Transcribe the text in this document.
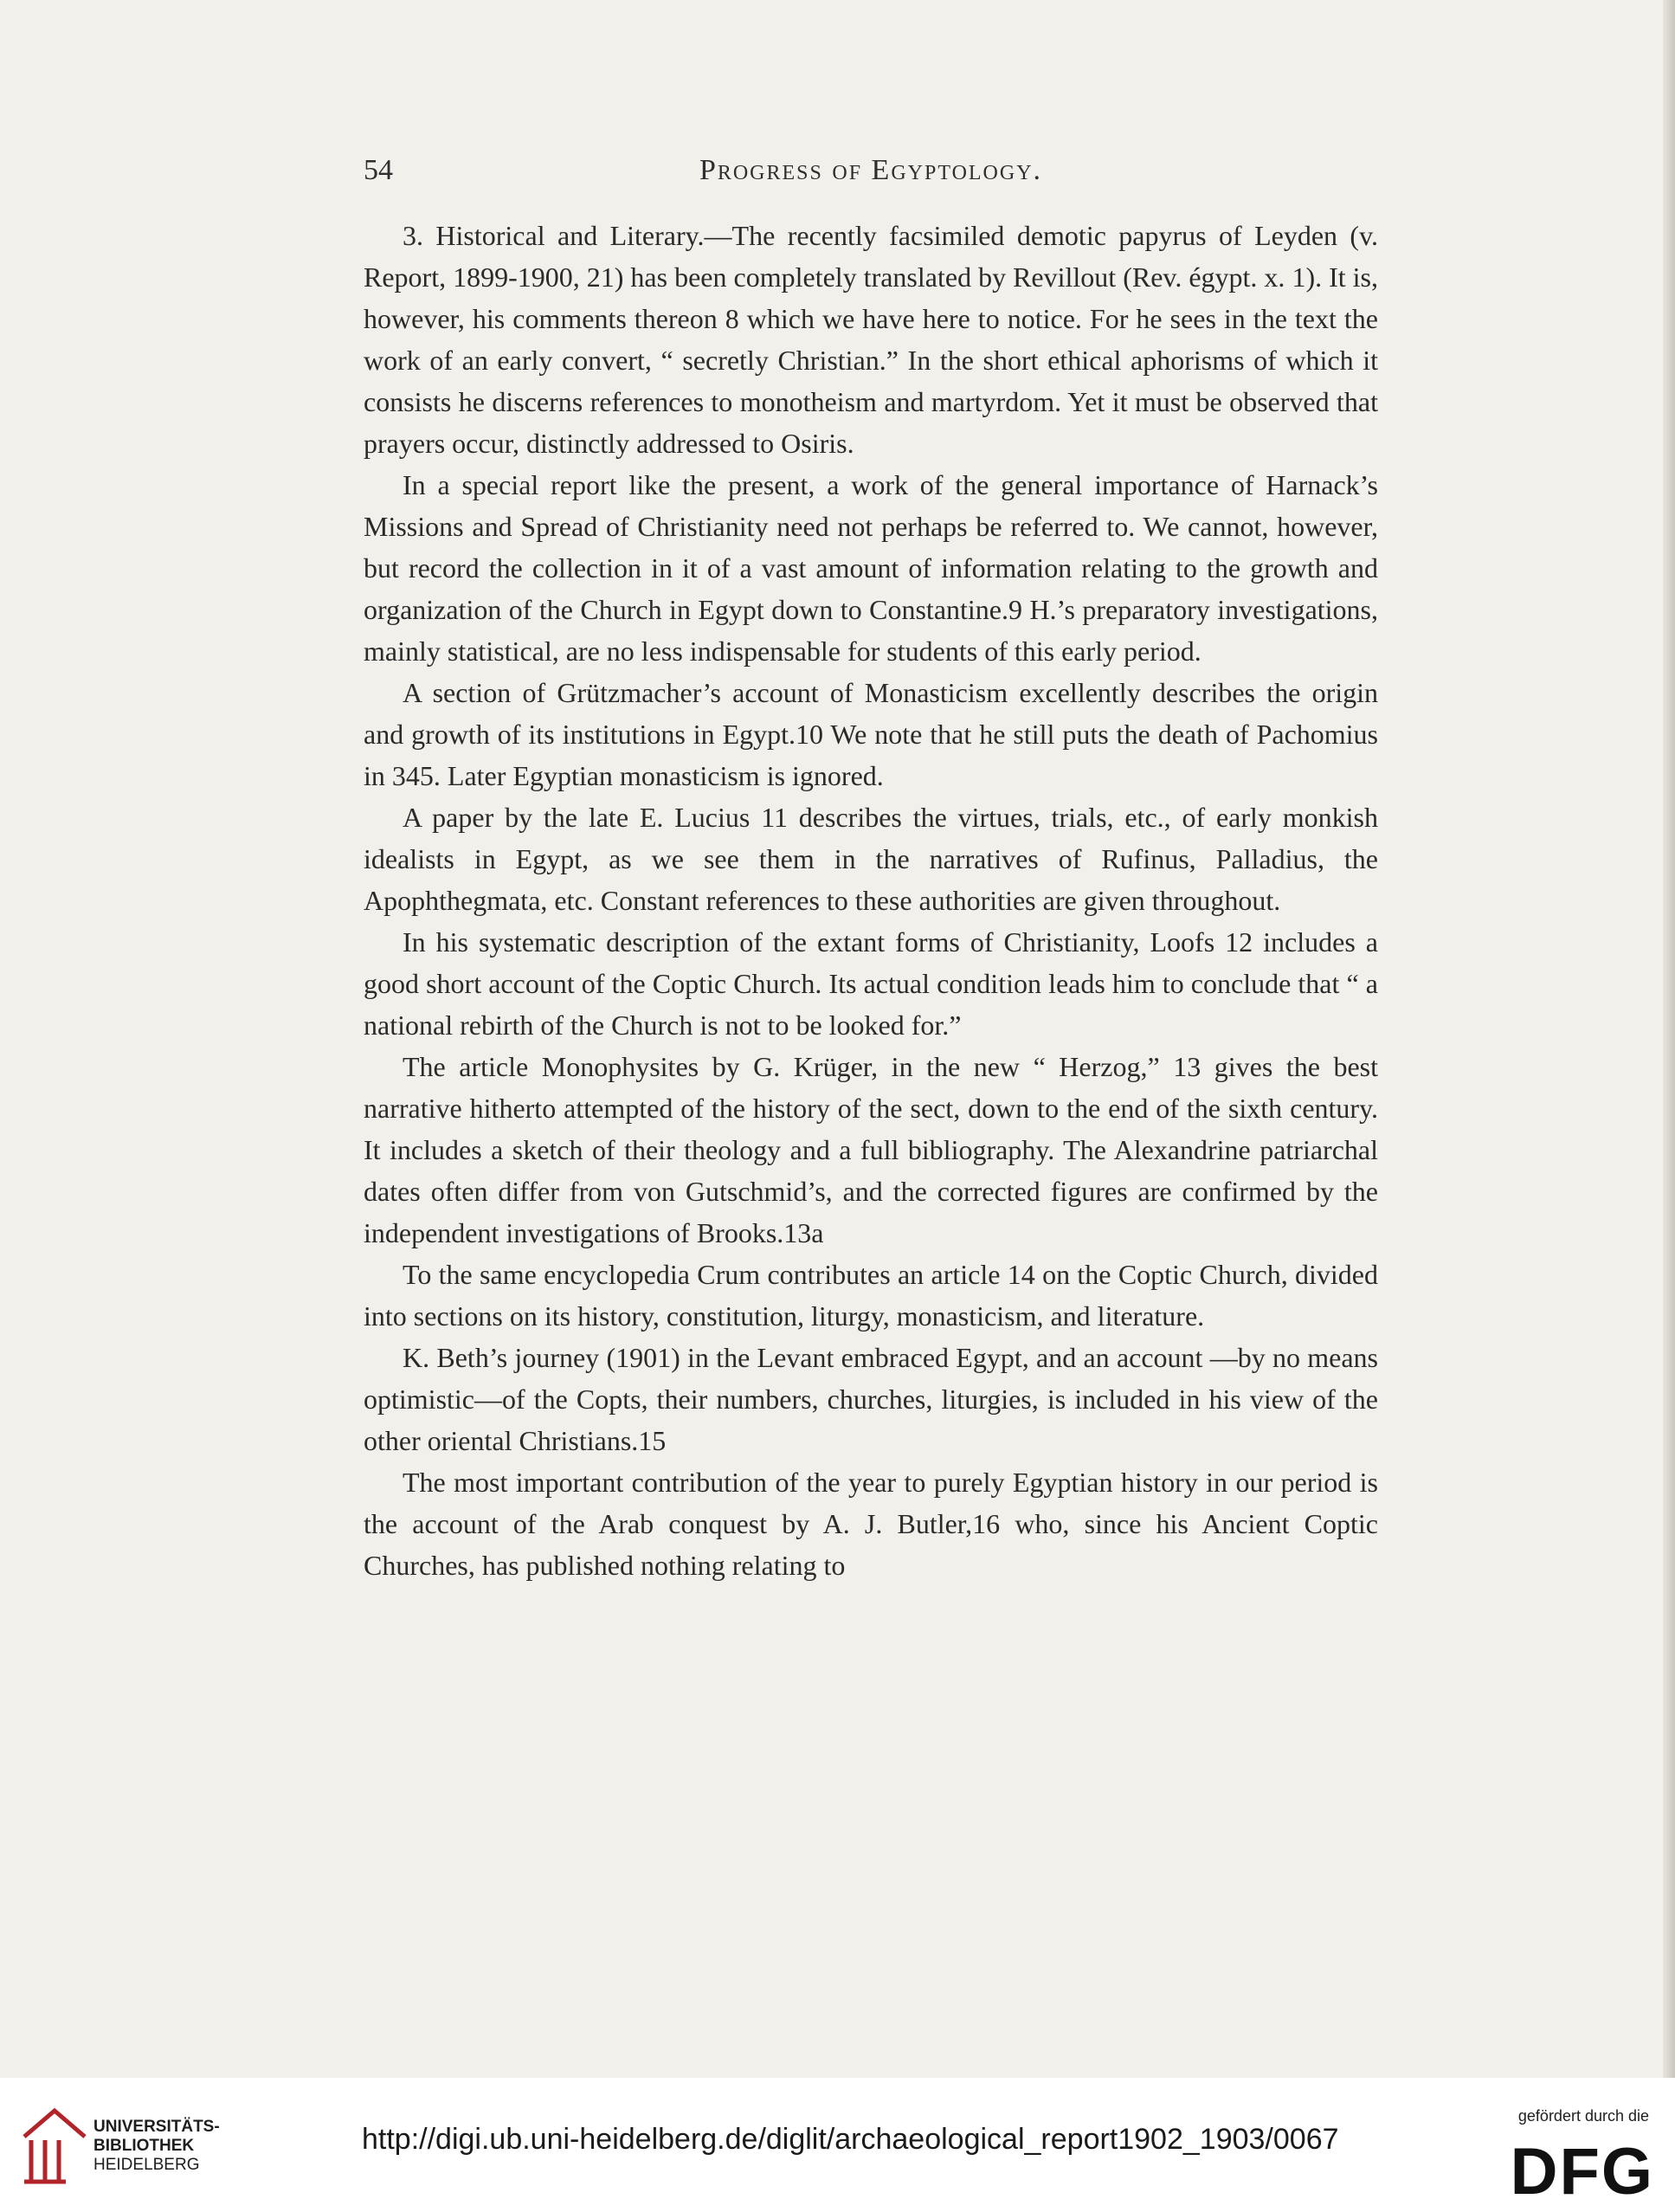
54	Progress of Egyptology.

3. Historical and Literary.—The recently facsimiled demotic papyrus of Leyden (v. Report, 1899-1900, 21) has been completely translated by Revillout (Rev. égypt. x. 1). It is, however, his comments thereon 8 which we have here to notice. For he sees in the text the work of an early convert, “ secretly Christian.” In the short ethical aphorisms of which it consists he discerns references to monotheism and martyrdom. Yet it must be observed that prayers occur, distinctly addressed to Osiris.

In a special report like the present, a work of the general importance of Harnack’s Missions and Spread of Christianity need not perhaps be referred to. We cannot, however, but record the collection in it of a vast amount of information relating to the growth and organization of the Church in Egypt down to Constantine.9 H.’s preparatory investigations, mainly statistical, are no less indispensable for students of this early period.

A section of Grützmacher’s account of Monasticism excellently describes the origin and growth of its institutions in Egypt.10 We note that he still puts the death of Pachomius in 345. Later Egyptian monasticism is ignored.

A paper by the late E. Lucius 11 describes the virtues, trials, etc., of early monkish idealists in Egypt, as we see them in the narratives of Rufinus, Palladius, the Apophthegmata, etc. Constant references to these authorities are given throughout.

In his systematic description of the extant forms of Christianity, Loofs 12 includes a good short account of the Coptic Church. Its actual condition leads him to conclude that “ a national rebirth of the Church is not to be looked for.”

The article Monophysites by G. Krüger, in the new “ Herzog,” 13 gives the best narrative hitherto attempted of the history of the sect, down to the end of the sixth century. It includes a sketch of their theology and a full bibliography. The Alexandrine patriarchal dates often differ from von Gutschmid’s, and the corrected figures are confirmed by the independent investigations of Brooks.13a

To the same encyclopedia Crum contributes an article 14 on the Coptic Church, divided into sections on its history, constitution, liturgy, monasticism, and literature.

K. Beth’s journey (1901) in the Levant embraced Egypt, and an account —by no means optimistic—of the Copts, their numbers, churches, liturgies, is included in his view of the other oriental Christians.15

The most important contribution of the year to purely Egyptian history in our period is the account of the Arab conquest by A. J. Butler,16 who, since his Ancient Coptic Churches, has published nothing relating to

UNIVERSITÄTS-
BIBLIOTHEK
HEIDELBERG
http://digi.ub.uni-heidelberg.de/diglit/archaeological_report1902_1903/0067
gefördert durch die
DFG
